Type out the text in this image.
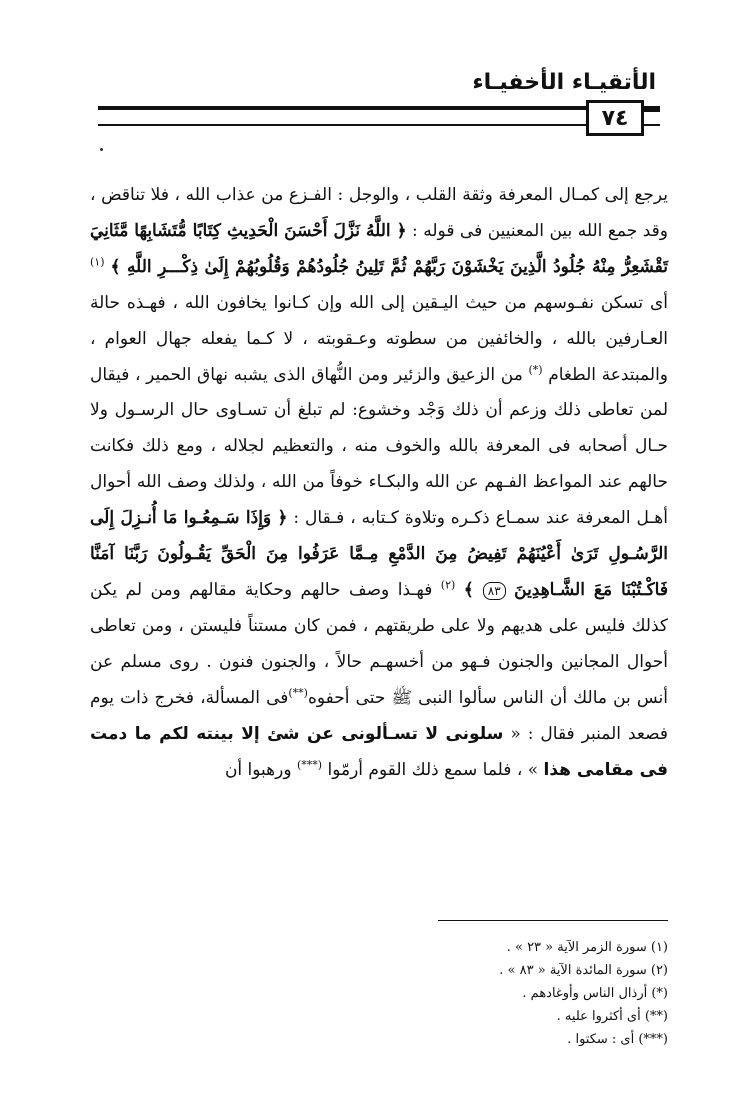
الأتقيـاء الأخفيـاء
٧٤

يرجع إلى كمـال المعرفة وثقة القلب ، والوجل : الفـزع من عذاب الله ، فلا تناقض ، وقد جمع الله بين المعنيين فى قوله : ﴿ اللَّهُ نَزَّلَ أَحْسَنَ الْحَدِيثِ كِتَابًا مُّتَشَابِهًا مَّثَانِيَ تَقْشَعِرُّ مِنْهُ جُلُودُ الَّذِينَ يَخْشَوْنَ رَبَّهُمْ ثُمَّ تَلِينُ جُلُودُهُمْ وَقُلُوبُهُمْ إِلَىٰ ذِكْـــرِ اللَّهِ ﴾ $^{(١)}$ أى تسكن نفـوسهم من حيث اليـقين إلى الله وإن كـانوا يخافون الله ، فهـذه حالة العـارفين بالله ، والخائفين من سطوته وعـقوبته ، لا كـما يفعله جهال العوام ، والمبتدعة الطغام (*) من الزعيق والزئير ومن النُّهاق الذى يشبه نهاق الحمير ، فيقال لمن تعاطى ذلك وزعم أن ذلك وَجْد وخشوع: لم تبلغ أن تسـاوى حال الرسـول ولا حـال أصحابه فى المعرفة بالله والخوف منه ، والتعظيم لجلاله ، ومع ذلك فكانت حالهم عند المواعظ الفـهم عن الله والبكـاء خوفاً من الله ، ولذلك وصف الله أحوال أهـل المعرفة عند سمـاع ذكـره وتلاوة كـتابه ، فـقال : ﴿ وَإِذَا سَـمِعُـوا مَا أُنـزِلَ إِلَى الرَّسُـولِ تَرَىٰ أَعْيُنَهُمْ تَفِيضُ مِنَ الدَّمْعِ مِـمَّا عَرَفُوا مِنَ الْحَقِّ يَقُـولُونَ رَبَّنَا آمَنَّا فَاكْـتُبْنَا مَعَ الشَّـاهِدِينَ ٨٣ ﴾ $^{(٢)}$ فهـذا وصف حالهم وحكاية مقالهم ومن لم يكن كذلك فليس على هديهم ولا على طريقتهم ، فمن كان مستناً فليستن ، ومن تعاطى أحوال المجانين والجنون فـهو من أخسهـم حالاً ، والجنون فنون . روى مسلم عن أنس بن مالك أن الناس سألوا النبى ﷺ حتى أحفوه(**)فى المسألة، فخرج ذات يوم فصعد المنبر فقال : « سلونى لا تسـألونى عن شئ إلا بينته لكم ما دمت فى مقامى هذا » ، فلما سمع ذلك القوم أرمّوا (***) ورهبوا أن

(١) سورة الزمر الآية « ٢٣ » .
(٢) سورة المائدة الآية « ٨٣ » .
(*) أرذال الناس وأوغادهم .
(**) أى أكثروا عليه .
(***) أى : سكتوا .
